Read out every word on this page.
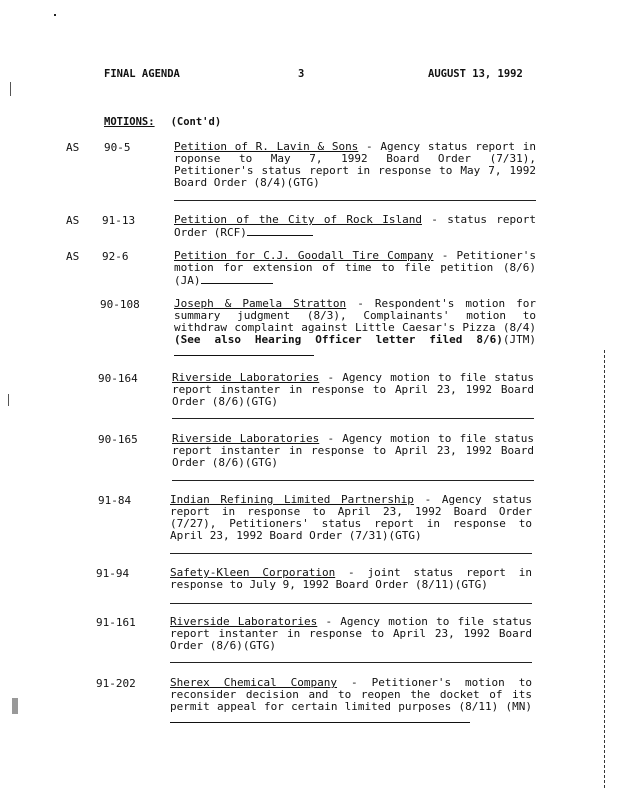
FINAL AGENDA	3	AUGUST 13, 1992
MOTIONS: (Cont'd)
AS 90-5	Petition of R. Lavin & Sons - Agency status report in roponse to May 7, 1992 Board Order (7/31), Petitioner's status report in response to May 7, 1992 Board Order (8/4)(GTG)
AS 91-13	Petition of the City of Rock Island - status report Order (RCF)
AS 92-6	Petition for C.J. Goodall Tire Company - Petitioner's motion for extension of time to file petition (8/6)(JA)
90-108	Joseph & Pamela Stratton - Respondent's motion for summary judgment (8/3), Complainants' motion to withdraw complaint against Little Caesar's Pizza (8/4)(See also Hearing Officer letter filed 8/6)(JTM)
90-164	Riverside Laboratories - Agency motion to file status report instanter in response to April 23, 1992 Board Order (8/6)(GTG)
90-165	Riverside Laboratories - Agency motion to file status report instanter in response to April 23, 1992 Board Order (8/6)(GTG)
91-84	Indian Refining Limited Partnership - Agency status report in response to April 23, 1992 Board Order (7/27), Petitioners' status report in response to April 23, 1992 Board Order (7/31)(GTG)
91-94	Safety-Kleen Corporation - joint status report in response to July 9, 1992 Board Order (8/11)(GTG)
91-161	Riverside Laboratories - Agency motion to file status report instanter in response to April 23, 1992 Board Order (8/6)(GTG)
91-202	Sherex Chemical Company - Petitioner's motion to reconsider decision and to reopen the docket of its permit appeal for certain limited purposes (8/11) (MN)
